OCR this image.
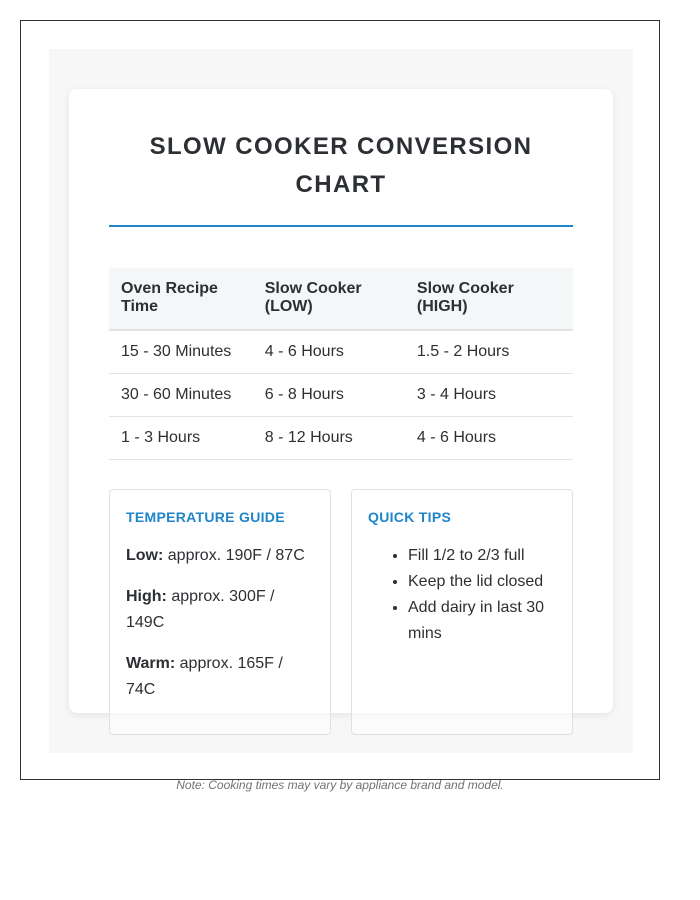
SLOW COOKER CONVERSION CHART
Oven Recipe Time	Slow Cooker (LOW)	Slow Cooker (HIGH)
15 - 30 Minutes	4 - 6 Hours	1.5 - 2 Hours
30 - 60 Minutes	6 - 8 Hours	3 - 4 Hours
1 - 3 Hours	8 - 12 Hours	4 - 6 Hours
TEMPERATURE GUIDE

Low: approx. 190F / 87C

High: approx. 300F / 149C

Warm: approx. 165F / 74C

QUICK TIPS
• Fill 1/2 to 2/3 full
• Keep the lid closed
• Add dairy in last 30 mins
Note: Cooking times may vary by appliance brand and model.
